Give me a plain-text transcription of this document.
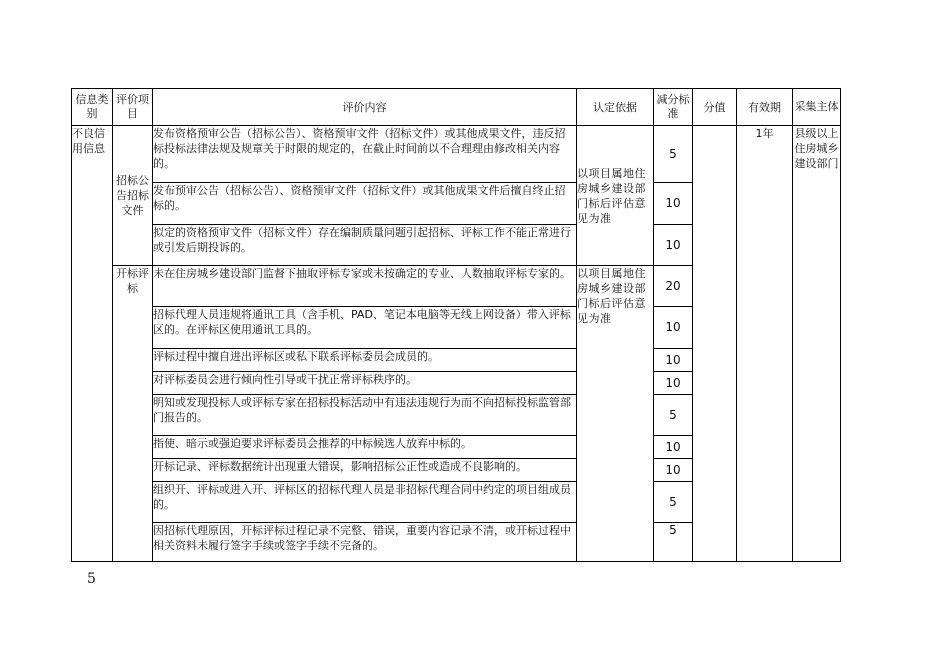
信息类别	评价项目	评价内容	认定依据	减分标准	分值	有效期	采集主体
不良信用信息	招标公告招标文件	发布资格预审公告（招标公告）、资格预审文件（招标文件）或其他成果文件，违反招标投标法律法规及规章关于时限的规定的，在截止时间前以不合理理由修改相关内容的。	以项目属地住房城乡建设部门标后评估意见为准	5		1年	县级以上住房城乡建设部门
		发布预审公告（招标公告）、资格预审文件（招标文件）或其他成果文件后擅自终止招标的。		10			
		拟定的资格预审文件（招标文件）存在编制质量问题引起招标、评标工作不能正常进行或引发后期投诉的。		10			
	开标评标	未在住房城乡建设部门监督下抽取评标专家或未按确定的专业、人数抽取评标专家的。	以项目属地住房城乡建设部门标后评估意见为准	20			
		招标代理人员违规将通讯工具（含手机、PAD、笔记本电脑等无线上网设备）带入评标区的。在评标区使用通讯工具的。		10			
		评标过程中擅自进出评标区或私下联系评标委员会成员的。		10			
		对评标委员会进行倾向性引导或干扰正常评标秩序的。		10			
		明知或发现投标人或评标专家在招标投标活动中有违法违规行为而不向招标投标监管部门报告的。		5			
		指使、暗示或强迫要求评标委员会推荐的中标候选人放弃中标的。		10			
		开标记录、评标数据统计出现重大错误，影响招标公正性或造成不良影响的。		10			
		组织开、评标或进入开、评标区的招标代理人员是非招标代理合同中约定的项目组成员的。		5			
		因招标代理原因，开标评标过程记录不完整、错误，重要内容记录不清，或开标过程中相关资料未履行签字手续或签字手续不完备的。		5			
5
